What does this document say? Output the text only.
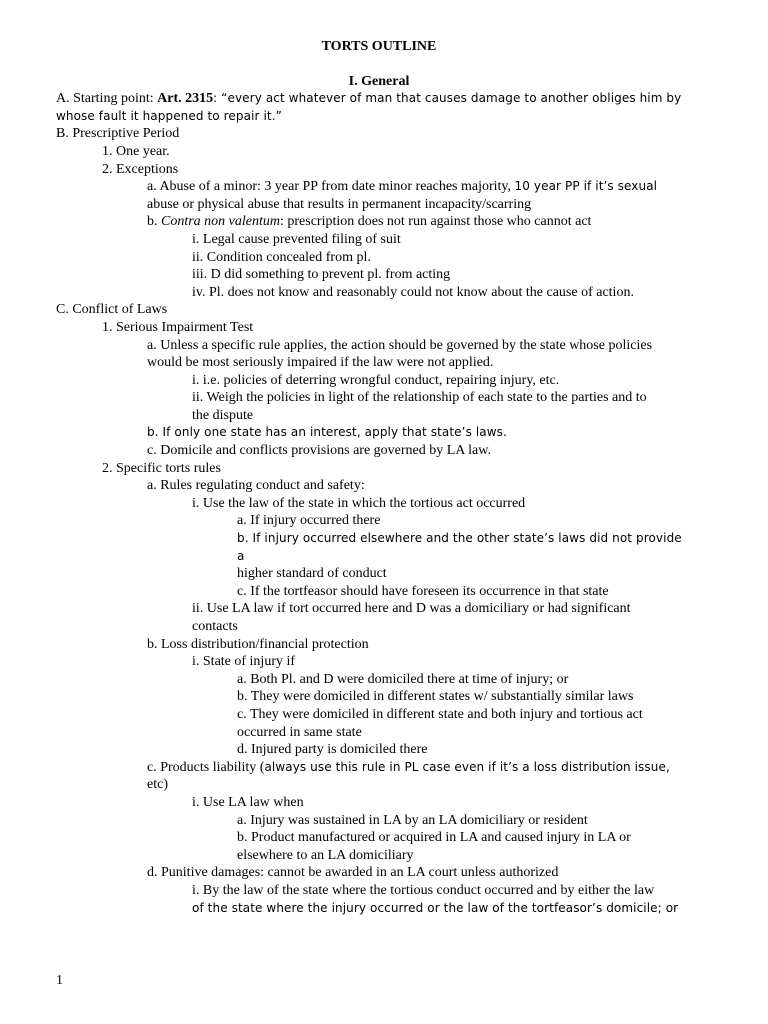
TORTS OUTLINE
I. General
A. Starting point: Art. 2315: “every act whatever of man that causes damage to another obliges him by whose fault it happened to repair it.”
B. Prescriptive Period
1. One year.
2. Exceptions
a. Abuse of a minor: 3 year PP from date minor reaches majority, 10 year PP if it’s sexual
abuse or physical abuse that results in permanent incapacity/scarring
b. Contra non valentum: prescription does not run against those who cannot act
i. Legal cause prevented filing of suit
ii. Condition concealed from pl.
iii. D did something to prevent pl. from acting
iv. Pl. does not know and reasonably could not know about the cause of action.
C. Conflict of Laws
1. Serious Impairment Test
a. Unless a specific rule applies, the action should be governed by the state whose policies
would be most seriously impaired if the law were not applied.
i. i.e. policies of deterring wrongful conduct, repairing injury, etc.
ii. Weigh the policies in light of the relationship of each state to the parties and to
the dispute
b. If only one state has an interest, apply that state’s laws.
c. Domicile and conflicts provisions are governed by LA law.
2. Specific torts rules
a. Rules regulating conduct and safety:
i. Use the law of the state in which the tortious act occurred
a. If injury occurred there
b. If injury occurred elsewhere and the other state’s laws did not provide a
higher standard of conduct
c. If the tortfeasor should have foreseen its occurrence in that state
ii. Use LA law if tort occurred here and D was a domiciliary or had significant
contacts
b. Loss distribution/financial protection
i. State of injury if
a. Both Pl. and D were domiciled there at time of injury; or
b. They were domiciled in different states w/ substantially similar laws
c. They were domiciled in different state and both injury and tortious act
occurred in same state
d. Injured party is domiciled there
c. Products liability (always use this rule in PL case even if it’s a loss distribution issue,
etc)
i. Use LA law when
a. Injury was sustained in LA by an LA domiciliary or resident
b. Product manufactured or acquired in LA and caused injury in LA or
elsewhere to an LA domiciliary
d. Punitive damages: cannot be awarded in an LA court unless authorized
i. By the law of the state where the tortious conduct occurred and by either the law
of the state where the injury occurred or the law of the tortfeasor’s domicile; or
1
